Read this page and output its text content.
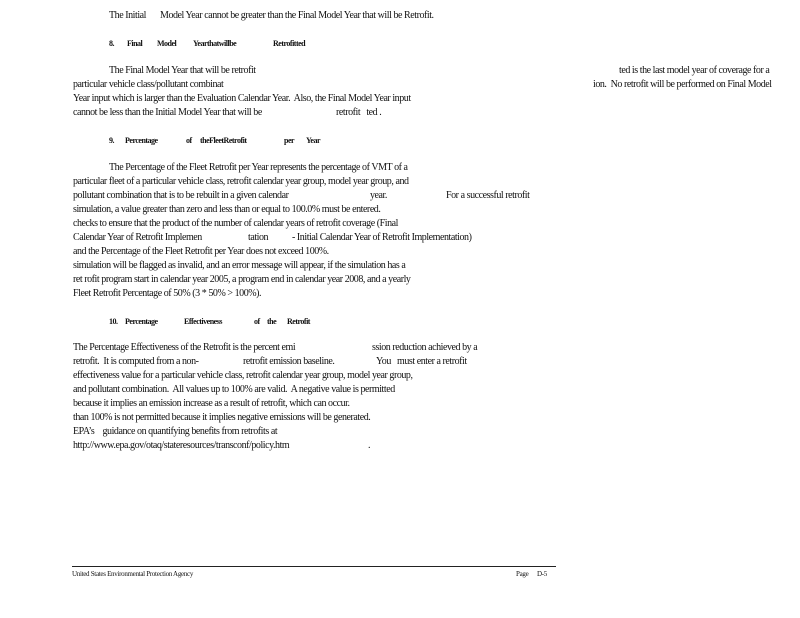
The Initial Model Year cannot be greater than the Final Model Year that will be Retrofit.
8. Final Model Yearthatwillbe	Retrofitted
The Final Model Year that will be retrofit	ted is the last model year of coverage for a
particular vehicle class/pollutant combinat	ion.  No retrofit will be performed on Final Model
Year input which is larger than the Evaluation Calendar Year.  Also, the Final Model Year input
cannot be less than the Initial Model Year that will be	retrofit   ted .
9. Percentage	of theFleetRetrofit	per Year
The Percentage of the Fleet Retrofit per Year represents the percentage of VMT of a
particular fleet of a particular vehicle class, retrofit calendar year group, model year group, and
pollutant combination that is to be rebuilt in a given calendar	year.	For a successful retrofit
simulation, a value greater than zero and less than or equal to 100.0% must be entered.
checks to ensure that the product of the number of calendar years of retrofit coverage (Final
Calendar Year of Retrofit Implemen	tation - Initial Calendar Year of Retrofit Implementation)
and the Percentage of the Fleet Retrofit per Year does not exceed 100%.
simulation will be flagged as invalid, and an error message will appear, if the simulation has a
ret rofit program start in calendar year 2005, a program end in calendar year 2008, and a yearly
Fleet Retrofit Percentage of 50% (3 * 50% > 100%).
10. Percentage	Effectiveness	of the Retrofit
The Percentage Effectiveness of the Retrofit is the percent emi	ssion reduction achieved by a
retrofit.  It is computed from a non-	retrofit emission baseline.	You   must enter a retrofit
effectiveness value for a particular vehicle class, retrofit calendar year group, model year group,
and pollutant combination.  All values up to 100% are valid.  A negative value is permitted
because it implies an emission increase as a result of retrofit, which can occur.
than 100% is not permitted because it implies negative emissions will be generated.
EPA’s    guidance on quantifying benefits from retrofits at
http://www.epa.gov/otaq/stateresources/transconf/policy.htm	.
United States Environmental Protection Agency	Page D-5
